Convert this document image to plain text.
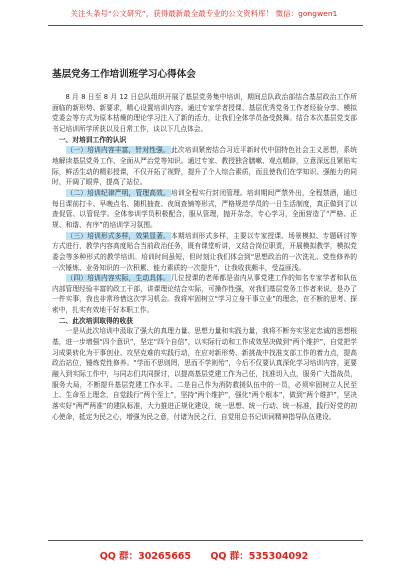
关注头条号“公文研究”，获得最新最全最专业的公文资料库！ 微信：gongwen1
基层党务工作培训班学习心得体会

8 月 8 日至 8 月 12 日总队组织开展了基层党务集中培训，期间总队政治部结合基层政治工作所面临的新形势、新要求，精心设置培训内容。通过专家学者授课、基层优秀党务工作者经验分享、模拟党委会等方式为原本枯燥的理论学习注入了新的活力，让我们全体学员备受鼓舞。结合本次基层党支部书记培训所学所获以及日常工作，谈以下几点体会。

一、对培训工作的认识

（一）培训内容丰富，针对性强。此次培训紧密结合习近平新时代中国特色社会主义思想，系统地解读基层党务工作、全面从严治党等知识。通过专家、教授独含膳嗽、观点精辟，立意深远且紧贴实际，鲜活生动的精彩授课，不仅开拓了视野，提升了个人综合素质，而且使我们在学知识、强能力的同时，开阔了眼界，提高了站位。

（二）培训纪律严明，管理高效。培训全程实行封闭管理。培训期间严禁外出，全程禁酒，通过每日课前打卡、早晚点名、随机抽查、夜间查铺等形式，严格规范学员的一日生活制度，真正做到了以查促管、以管促学。全体参训学员积极配合，服从管理，抛开杂念，专心学习，全面营造了“严格、正规、和谐、有序”的培训学习氛围。

（三）培训形式多样，效果显著。本期培训形式多样，主要以专家授课、场景模拟、专题研讨等方式进行，教学内容高度贴合当前政治任务，既有课堂听讲，又结合岗位职责，开展模拟教学，模拟党委会等多种形式的教学培训。培训时间虽短，但时刻让我们体会到“思想政治的一次洗礼、党性修养的一次锤炼、业务知识的一次积累、能力素质的一次提升”，让我收获颇丰，受益匪浅。

（四）培训内容实际，生动具体。几位授课的老师都是省内从事党建工作的知名专家学者和队伍内部管理经验丰富的政工干部，讲课理论结合实际，可操作性强，对我们基层党务工作者来说，是办了一件实事，我也非常珍惜这次学习机会。我将牢固树立“学习立身干事立业”的理念，在不断的思考、探索中，扎实有效地干好本职工作。

二、此次培训取得的收获

一是从此次培训中汲取了强大的真理力量、思想力量和实践力量，我将不断夯实坚定忠诚的思想根基，进一步增强“四个意识”，坚定“四个自信”，以实际行动和工作成效坚决做到“两个维护”，自觉把学习成果转化为干事创业、攻坚克难的实践行动，在应对新形势、新挑战中找准支部工作的着力点，提高政治站位，锤炼党性修养。“学而不思则罔，思而不学则殆”，今后不仅要认真深化学习培训内容，更要融入到实际工作中，与同志们共同探讨，以提高基层党建工作为己任，找准切入点，服务广大指战员，服务大局，不断提升基层党建工作水平。二是自己作为消防救援队伍中的一员，必须牢固树立人民至上、生命至上理念，自觉践行“两个至上”，坚持“两个维护”，强化“两个根本”，做到“两个维护”，坚决落实好“两严两准”的建队标准，大力推进正规化建设，统一思想、统一行动、统一标准，践行好党的初心使命，抵定为民之心，增强为民之意，付诸为民之行，自觉用总书记训词精神指导队伍建设。

QQ 群：30265665 QQ 群：535304092
